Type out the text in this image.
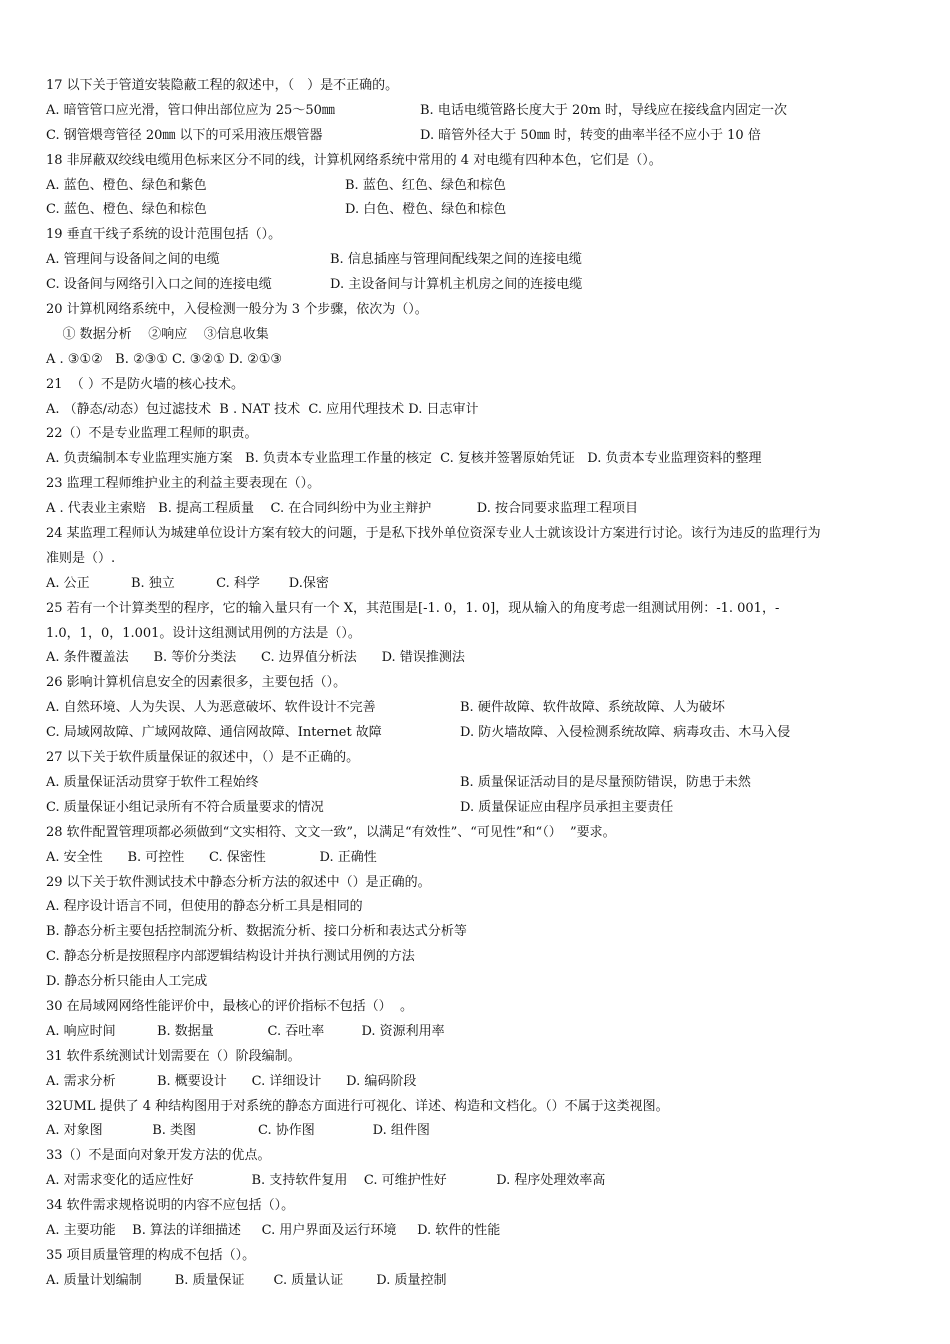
17 以下关于管道安装隐蔽工程的叙述中，（　）是不正确的。
A. 暗管管口应光滑，管口伸出部位应为 25～50㎜	B. 电话电缆管路长度大于 20m 时，导线应在接线盒内固定一次
C. 钢管煨弯管径 20㎜ 以下的可采用液压煨管器	D. 暗管外径大于 50㎜ 时，转变的曲率半径不应小于 10 倍
18 非屏蔽双绞线电缆用色标来区分不同的线，计算机网络系统中常用的 4 对电缆有四种本色，它们是（）。
A. 蓝色、橙色、绿色和紫色	B. 蓝色、红色、绿色和棕色
C. 蓝色、橙色、绿色和棕色	D. 白色、橙色、绿色和棕色
19 垂直干线子系统的设计范围包括（）。
A. 管理间与设备间之间的电缆	B. 信息插座与管理间配线架之间的连接电缆
C. 设备间与网络引入口之间的连接电缆	D. 主设备间与计算机主机房之间的连接电缆
20 计算机网络系统中，入侵检测一般分为 3 个步骤，依次为（）。
① 数据分析    ②响应    ③信息收集
A . ③①②   B. ②③① C. ③②① D. ②①③
21  （ ）不是防火墙的核心技术。
A. （静态/动态）包过滤技术  B . NAT 技术  C. 应用代理技术 D. 日志审计
22（）不是专业监理工程师的职责。
A. 负责编制本专业监理实施方案   B. 负责本专业监理工作量的核定  C. 复核并签署原始凭证   D. 负责本专业监理资料的整理
23 监理工程师维护业主的利益主要表现在（）。
A . 代表业主索赔   B. 提高工程质量    C. 在合同纠纷中为业主辩护           D. 按合同要求监理工程项目
24 某监理工程师认为城建单位设计方案有较大的问题，于是私下找外单位资深专业人士就该设计方案进行讨论。该行为违反的监理行为
准则是（）.
A. 公正          B. 独立          C. 科学       D.保密
25 若有一个计算类型的程序，它的输入量只有一个 X，其范围是[-1. 0，1. 0]，现从输入的角度考虑一组测试用例：-1. 001，-
1.0，1，0，1.001。设计这组测试用例的方法是（）。
A. 条件覆盖法      B. 等价分类法      C. 边界值分析法      D. 错误推测法
26 影响计算机信息安全的因素很多，主要包括（）。
A. 自然环境、人为失误、人为恶意破坏、软件设计不完善	B. 硬件故障、软件故障、系统故障、人为破坏
C. 局域网故障、广域网故障、通信网故障、Internet 故障	D. 防火墙故障、入侵检测系统故障、病毒攻击、木马入侵
27 以下关于软件质量保证的叙述中，（）是不正确的。
A. 质量保证活动贯穿于软件工程始终	B. 质量保证活动目的是尽量预防错误，防患于未然
C. 质量保证小组记录所有不符合质量要求的情况	D. 质量保证应由程序员承担主要责任
28 软件配置管理项都必须做到“文实相符、文文一致”，以满足“有效性”、“可见性”和“（）  ”要求。
A. 安全性      B. 可控性      C. 保密性             D. 正确性
29 以下关于软件测试技术中静态分析方法的叙述中（）是正确的。
A. 程序设计语言不同，但使用的静态分析工具是相同的
B. 静态分析主要包括控制流分析、数据流分析、接口分析和表达式分析等
C. 静态分析是按照程序内部逻辑结构设计并执行测试用例的方法
D. 静态分析只能由人工完成
30 在局域网网络性能评价中，最核心的评价指标不包括（）  。
A. 响应时间          B. 数据量             C. 吞吐率         D. 资源利用率
31 软件系统测试计划需要在（）阶段编制。
A. 需求分析          B. 概要设计      C. 详细设计      D. 编码阶段
32UML 提供了 4 种结构图用于对系统的静态方面进行可视化、详述、构造和文档化。（）不属于这类视图。
A. 对象图            B. 类图               C. 协作图              D. 组件图
33（）不是面向对象开发方法的优点。
A. 对需求变化的适应性好              B. 支持软件复用    C. 可维护性好            D. 程序处理效率高
34 软件需求规格说明的内容不应包括（）。
A. 主要功能    B. 算法的详细描述     C. 用户界面及运行环境     D. 软件的性能
35 项目质量管理的构成不包括（）。
A. 质量计划编制        B. 质量保证       C. 质量认证        D. 质量控制
